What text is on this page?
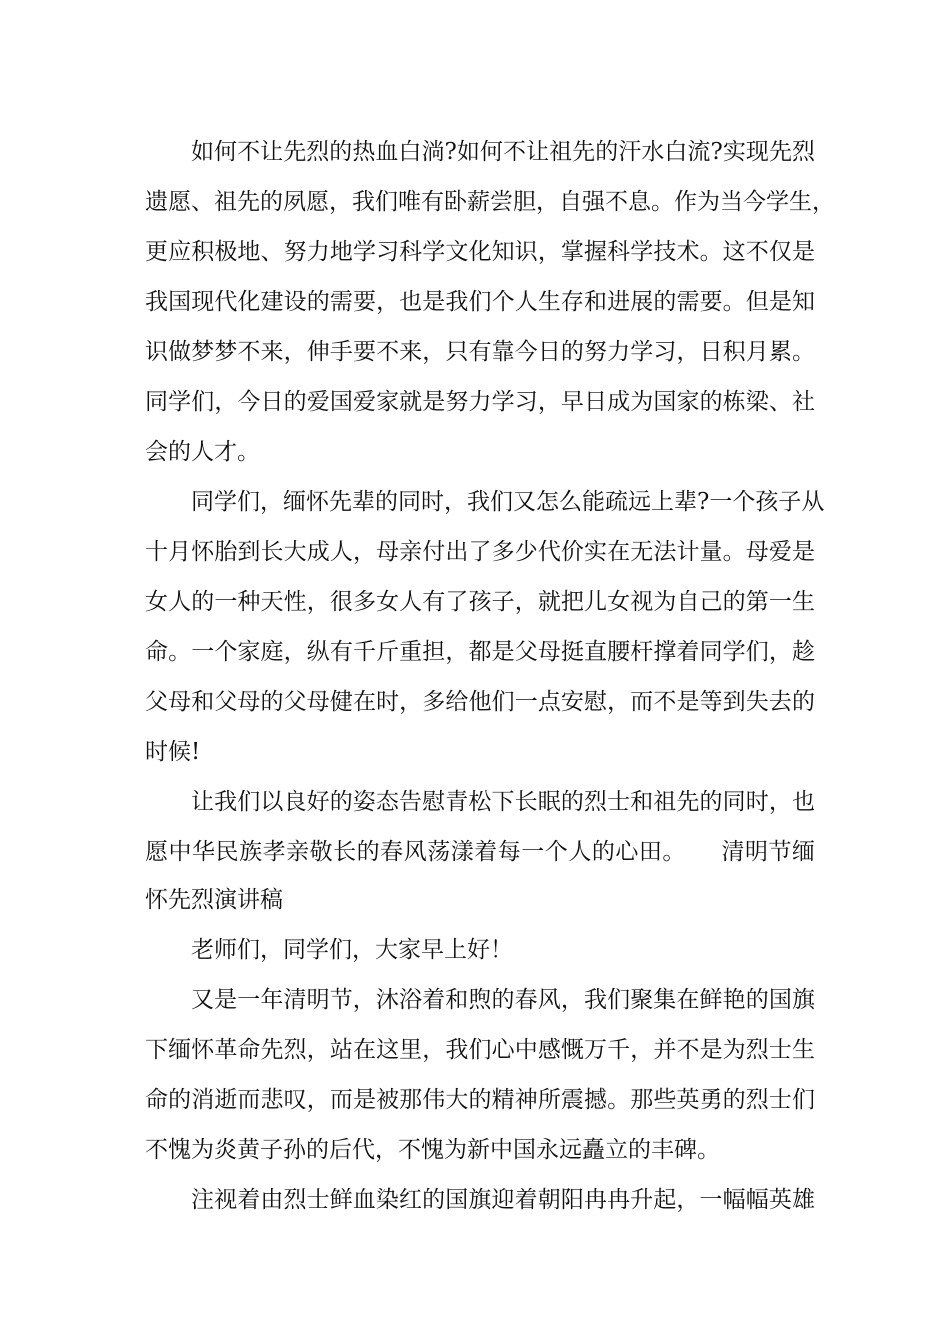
如何不让先烈的热血白淌?如何不让祖先的汗水白流?实现先烈
遗愿、祖先的夙愿，我们唯有卧薪尝胆，自强不息。作为当今学生，
更应积极地、努力地学习科学文化知识，掌握科学技术。这不仅是
我国现代化建设的需要，也是我们个人生存和进展的需要。但是知
识做梦梦不来，伸手要不来，只有靠今日的努力学习，日积月累。
同学们，今日的爱国爱家就是努力学习，早日成为国家的栋梁、社
会的人才。
同学们，缅怀先辈的同时，我们又怎么能疏远上辈?一个孩子从
十月怀胎到长大成人，母亲付出了多少代价实在无法计量。母爱是
女人的一种天性，很多女人有了孩子，就把儿女视为自己的第一生
命。一个家庭，纵有千斤重担，都是父母挺直腰杆撑着同学们，趁
父母和父母的父母健在时，多给他们一点安慰，而不是等到失去的
时候!
让我们以良好的姿态告慰青松下长眠的烈士和祖先的同时，也
愿中华民族孝亲敬长的春风荡漾着每一个人的心田。　　清明节缅
怀先烈演讲稿
老师们，同学们，大家早上好！
又是一年清明节，沐浴着和煦的春风，我们聚集在鲜艳的国旗
下缅怀革命先烈，站在这里，我们心中感慨万千，并不是为烈士生
命的消逝而悲叹，而是被那伟大的精神所震撼。那些英勇的烈士们
不愧为炎黄子孙的后代，不愧为新中国永远矗立的丰碑。
注视着由烈士鲜血染红的国旗迎着朝阳冉冉升起，一幅幅英雄
